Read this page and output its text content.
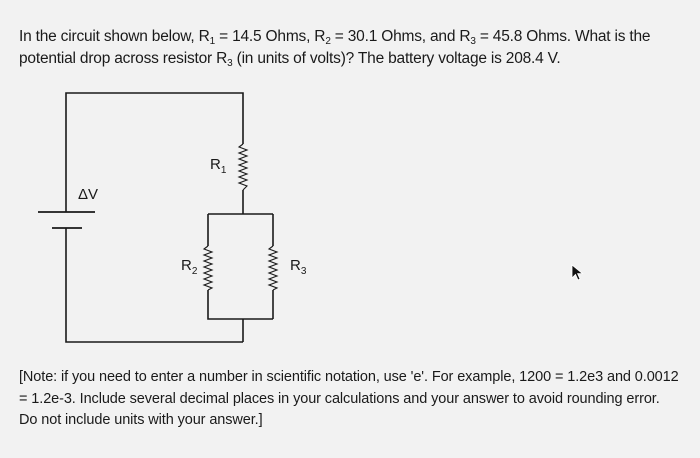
In the circuit shown below, $R_1 = 14.5$ Ohms, $R_2 = 30.1$ Ohms, and $R_3 = 45.8$ Ohms. What is the potential drop across resistor $R_3$ (in units of volts)? The battery voltage is 208.4 V.
ΔV
$R_1$
$R_2$	$R_3$
[Note: if you need to enter a number in scientific notation, use 'e'. For example, 1200 = 1.2e3 and 0.0012 = 1.2e-3. Include several decimal places in your calculations and your answer to avoid rounding error. Do not include units with your answer.]
